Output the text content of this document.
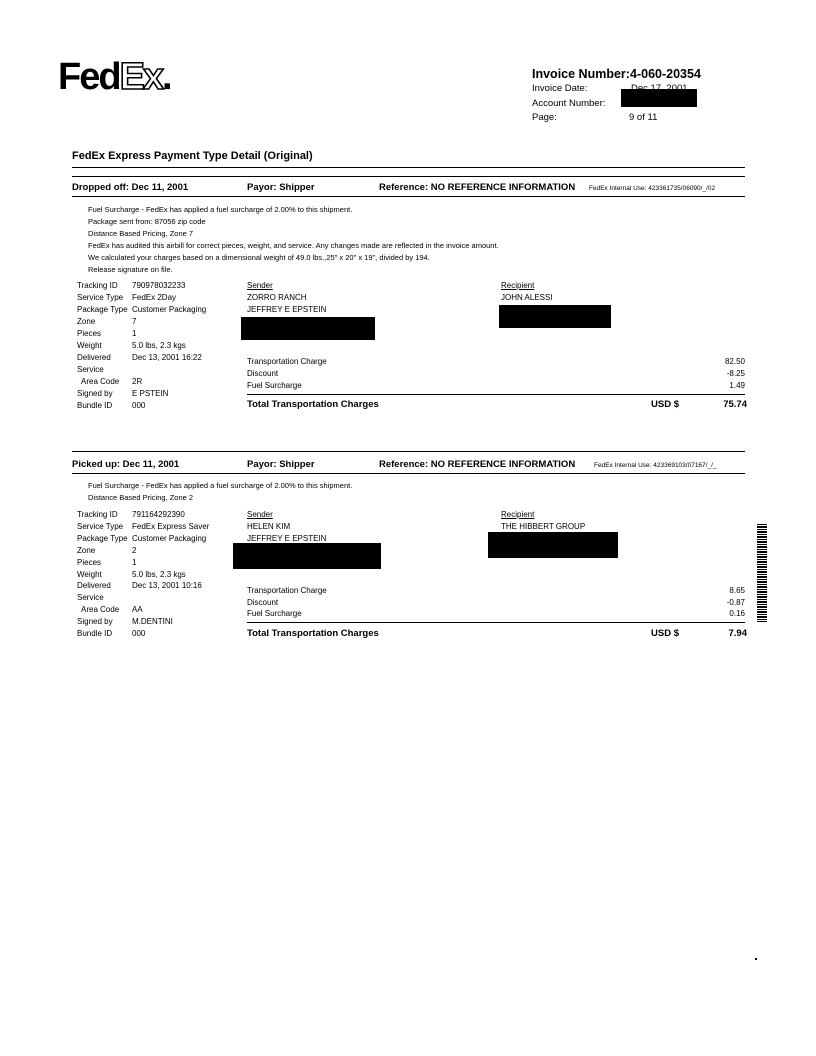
FedEx.	Invoice Number: 4-060-20354
Invoice Date:
Account Number:
Page:	9 of 11
FedEx Express Payment Type Detail (Original)
Dropped off: Dec 11, 2001	Payor: Shipper	Reference: NO REFERENCE INFORMATION FedEx Internal Use: 423361735/06090/_/02
Fuel Surcharge - FedEx has applied a fuel surcharge of 2.00% to this shipment.
Package sent from: 87056 zip code
Distance Based Pricing, Zone 7
FedEx has audited this airbill for correct pieces, weight, and service. Any changes made are reflected in the invoice amount.
We calculated your charges based on a dimensional weight of 49.0 lbs.,25" x 20" x 19", divided by 194.
Release signature on file.
Tracking ID 790978032233
Service Type FedEx 2Day
Package Type Customer Packaging
Zone	7
Pieces	1
Weight	5.0 lbs, 2.3 kgs
Delivered	Dec 13, 2001 16:22
Service
Area Code 2R
Signed by E PSTEIN
Bundle ID 000
Sender
ZORRO RANCH
JEFFREY E EPSTEIN
Recipient
JOHN ALESSI
Transportation Charge	82.50
Discount	-8.25
Fuel Surcharge	1.49
Total Transportation Charges	USD $	75.74
Picked up: Dec 11, 2001	Payor: Shipper	Reference: NO REFERENCE INFORMATION	FedEx Internal Use: 423369103/07167/_/_
Fuel Surcharge - FedEx has applied a fuel surcharge of 2.00% to this shipment.
Distance Based Pricing, Zone 2
Tracking ID 791164292390
Service Type FedEx Express Saver
Package Type Customer Packaging
Zone	2
Pieces	1
Weight	5.0 lbs, 2.3 kgs
Delivered	Dec 13, 2001 10:16
Service
Area Code AA
Signed by M.DENTINI
Bundle ID 000
Sender
HELEN KIM
JEFFREY E EPSTEIN
Recipient
THE HIBBERT GROUP
Transportation Charge	8.65
Discount	-0.87
Fuel Surcharge	0.16
Total Transportation Charges	USD $	7.94
